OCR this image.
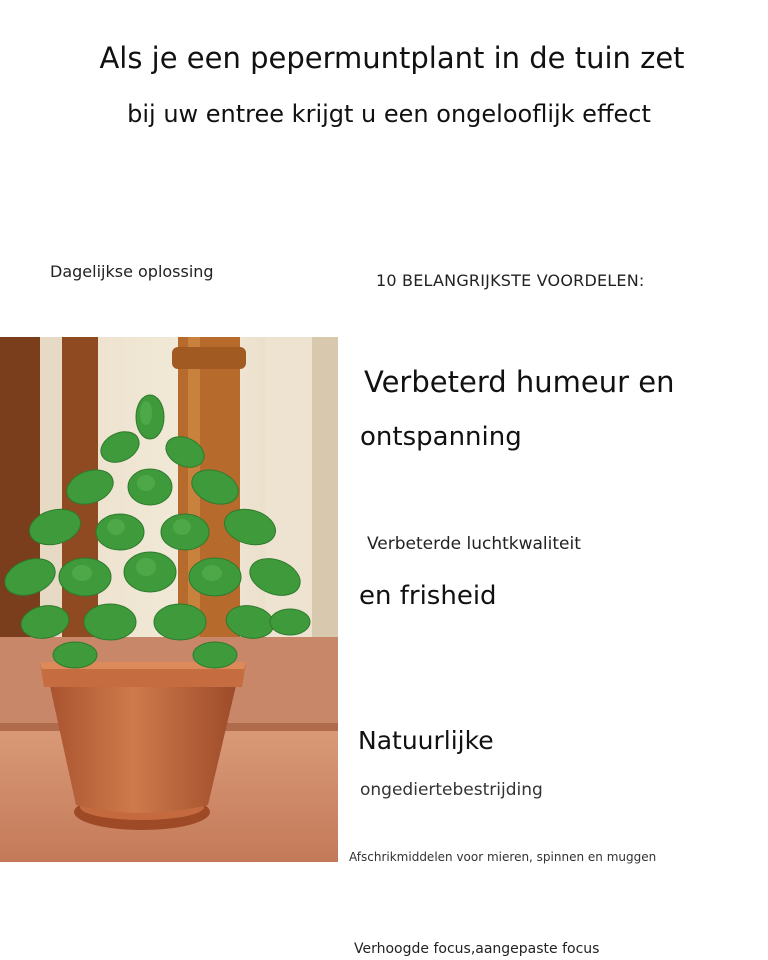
Als je een pepermuntplant in de tuin zet
bij uw entree krijgt u een ongelooflijk effect
Dagelijkse oplossing	10 BELANGRIJKSTE VOORDELEN:
Verbeterd humeur en
ontspanning
Verbeterde luchtkwaliteit
en frisheid
Natuurlijke
ongediertebestrijding
Afschrikmiddelen voor mieren, spinnen en muggen
Verhoogde focus,aangepaste focus
